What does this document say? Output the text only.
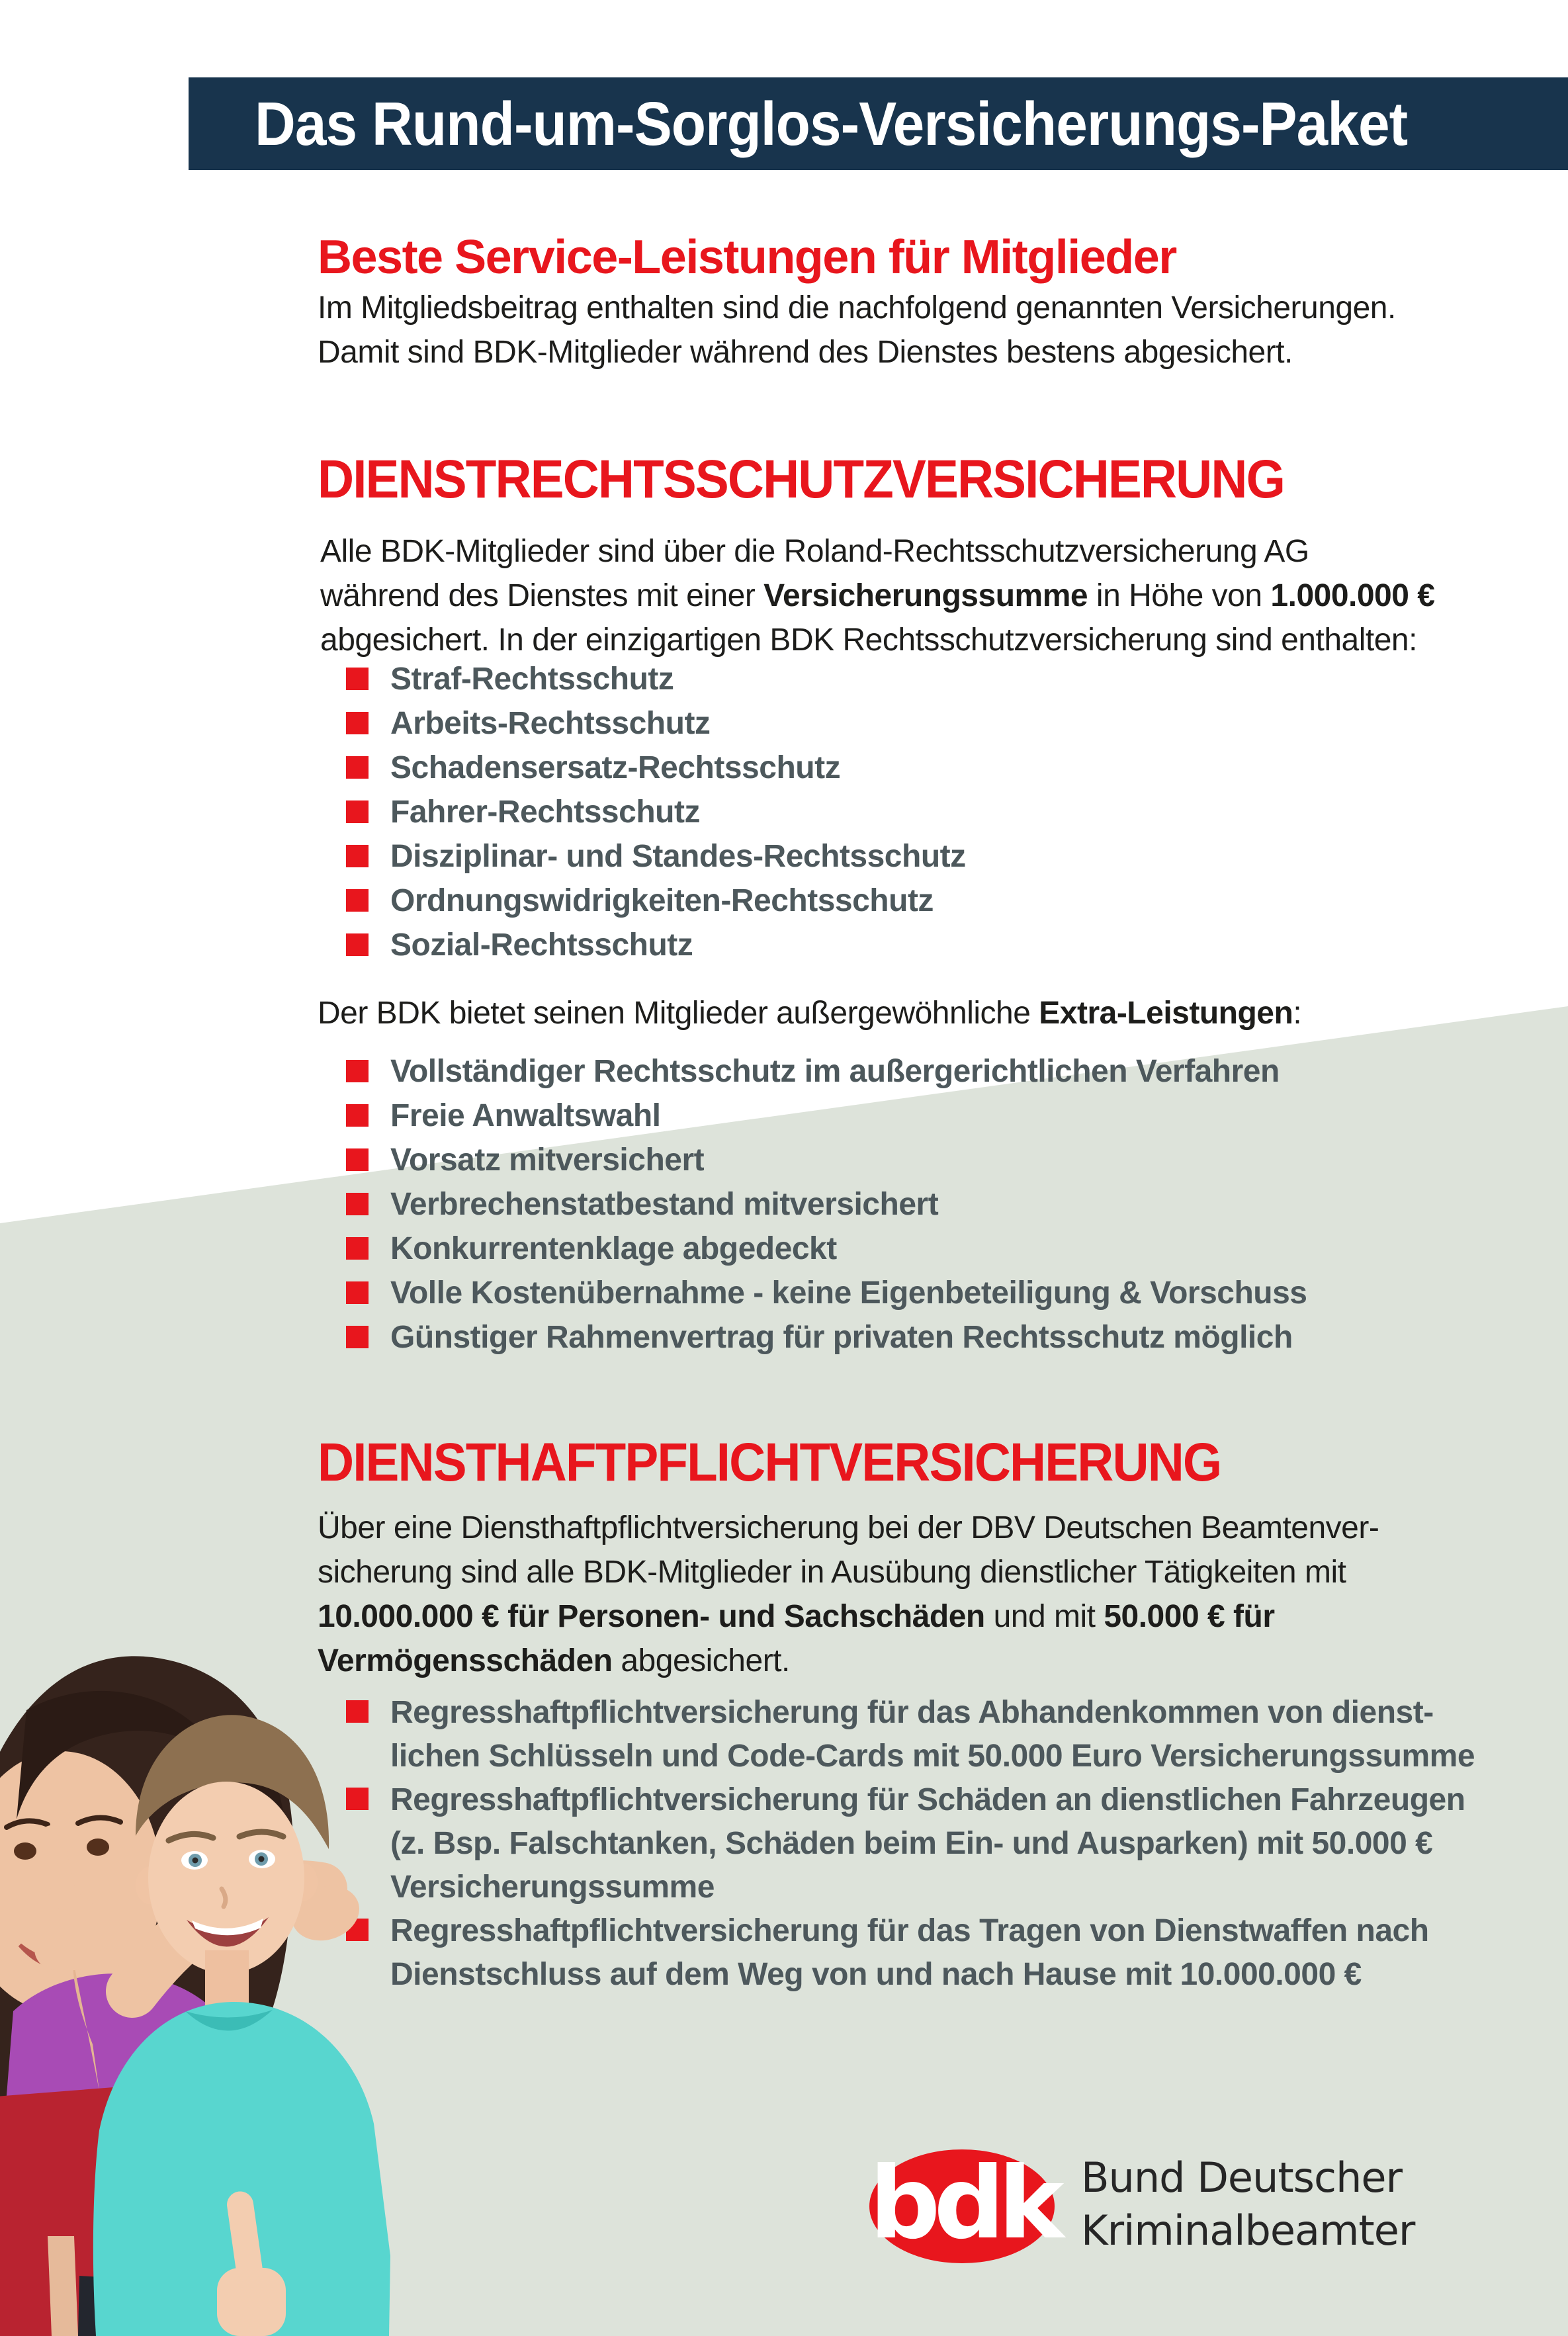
Das Rund-um-Sorglos-Versicherungs-Paket
Beste Service-Leistungen für Mitglieder
Im Mitgliedsbeitrag enthalten sind die nachfolgend genannten Versicherungen.
Damit sind BDK-Mitglieder während des Dienstes bestens abgesichert.
DIENSTRECHTSSCHUTZVERSICHERUNG
Alle BDK-Mitglieder sind über die Roland-Rechtsschutzversicherung AG
während des Dienstes mit einer Versicherungssumme in Höhe von 1.000.000 €
abgesichert. In der einzigartigen BDK Rechtsschutzversicherung sind enthalten:
Straf-Rechtsschutz
Arbeits-Rechtsschutz
Schadensersatz-Rechtsschutz
Fahrer-Rechtsschutz
Disziplinar- und Standes-Rechtsschutz
Ordnungswidrigkeiten-Rechtsschutz
Sozial-Rechtsschutz
Der BDK bietet seinen Mitglieder außergewöhnliche Extra-Leistungen:
Vollständiger Rechtsschutz im außergerichtlichen Verfahren
Freie Anwaltswahl
Vorsatz mitversichert
Verbrechenstatbestand mitversichert
Konkurrentenklage abgedeckt
Volle Kostenübernahme - keine Eigenbeteiligung & Vorschuss
Günstiger Rahmenvertrag für privaten Rechtsschutz möglich
DIENSTHAFTPFLICHTVERSICHERUNG
Über eine Diensthaftpflichtversicherung bei der DBV Deutschen Beamtenver-
sicherung sind alle BDK-Mitglieder in Ausübung dienstlicher Tätigkeiten mit
10.000.000 € für Personen- und Sachschäden und mit 50.000 € für
Vermögensschäden abgesichert.
Regresshaftpflichtversicherung für das Abhandenkommen von dienst-
lichen Schlüsseln und Code-Cards mit 50.000 Euro Versicherungssumme
Regresshaftpflichtversicherung für Schäden an dienstlichen Fahrzeugen
(z. Bsp. Falschtanken, Schäden beim Ein- und Ausparken) mit 50.000 €
Versicherungssumme
Regresshaftpflichtversicherung für das Tragen von Dienstwaffen nach
Dienstschluss auf dem Weg von und nach Hause mit 10.000.000 €
bdk Bund Deutscher
Kriminalbeamter
